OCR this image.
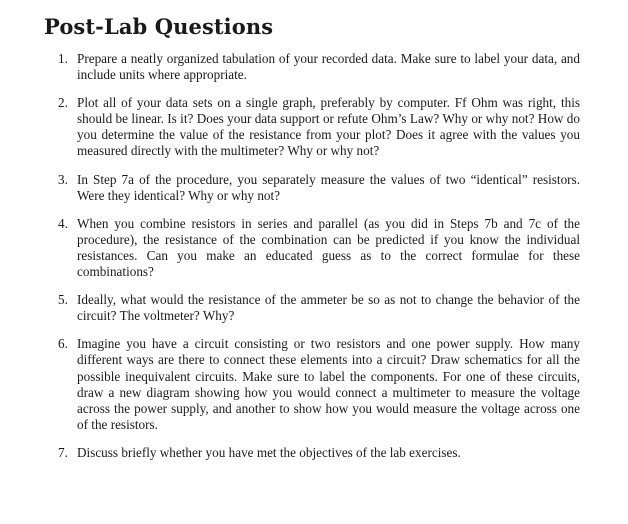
Post-Lab Questions
1. Prepare a neatly organized tabulation of your recorded data. Make sure to label your data, and include units where appropriate.
2. Plot all of your data sets on a single graph, preferably by computer. Ff Ohm was right, this should be linear. Is it? Does your data support or refute Ohm’s Law? Why or why not? How do you determine the value of the resistance from your plot? Does it agree with the values you measured directly with the multimeter? Why or why not?
3. In Step 7a of the procedure, you separately measure the values of two “identical” resistors. Were they identical? Why or why not?
4. When you combine resistors in series and parallel (as you did in Steps 7b and 7c of the procedure), the resistance of the combination can be predicted if you know the individual resistances. Can you make an educated guess as to the correct formulae for these combinations?
5. Ideally, what would the resistance of the ammeter be so as not to change the behavior of the circuit? The voltmeter? Why?
6. Imagine you have a circuit consisting or two resistors and one power supply. How many different ways are there to connect these elements into a circuit? Draw schematics for all the possible inequivalent circuits. Make sure to label the components. For one of these circuits, draw a new diagram showing how you would connect a multimeter to measure the voltage across the power supply, and another to show how you would measure the voltage across one of the resistors.
7. Discuss briefly whether you have met the objectives of the lab exercises.
